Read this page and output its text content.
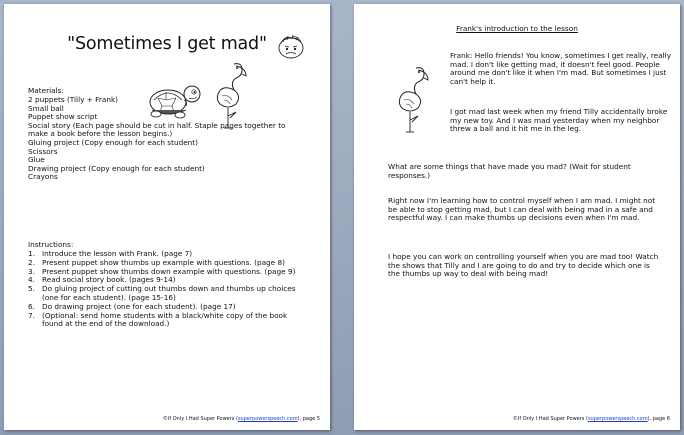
"Sometimes I get mad"
Materials:
2 puppets (Tilly + Frank)
Small ball
Puppet show script
Social story (Each page should be cut in half. Staple pages together to make a book before the lesson begins.)
Gluing project (Copy enough for each student)
Scissors
Glue
Drawing project (Copy enough for each student)
Crayons
Instructions:
1. Introduce the lesson with Frank. (page 7)
2. Present puppet show thumbs up example with questions. (page 8)
3. Present puppet show thumbs down example with questions. (page 9)
4. Read social story book. (pages 9-14)
5. Do gluing project of cutting out thumbs down and thumbs up choices (one for each student). (page 15-16)
6. Do drawing project (one for each student). (page 17)
7. (Optional: send home students with a black/white copy of the book found at the end of the download.)
©If Only I Had Super Powers (superpowerspeech.com), page 5
Frank's introduction to the lesson
Frank: Hello friends! You know, sometimes I get really, really mad. I don't like getting mad, it doesn't feel good. People around me don't like it when I'm mad. But sometimes I just can't help it.
I got mad last week when my friend Tilly accidentally broke my new toy. And I was mad yesterday when my neighbor threw a ball and it hit me in the leg.
What are some things that have made you mad? (Wait for student responses.)
Right now I'm learning how to control myself when I am mad. I might not be able to stop getting mad, but I can deal with being mad in a safe and respectful way. I can make thumbs up decisions even when I'm mad.
I hope you can work on controlling yourself when you are mad too! Watch the shows that Tilly and I are going to do and try to decide which one is the thumbs up way to deal with being mad!
©If Only I Had Super Powers (superpowerspeech.com), page 6
